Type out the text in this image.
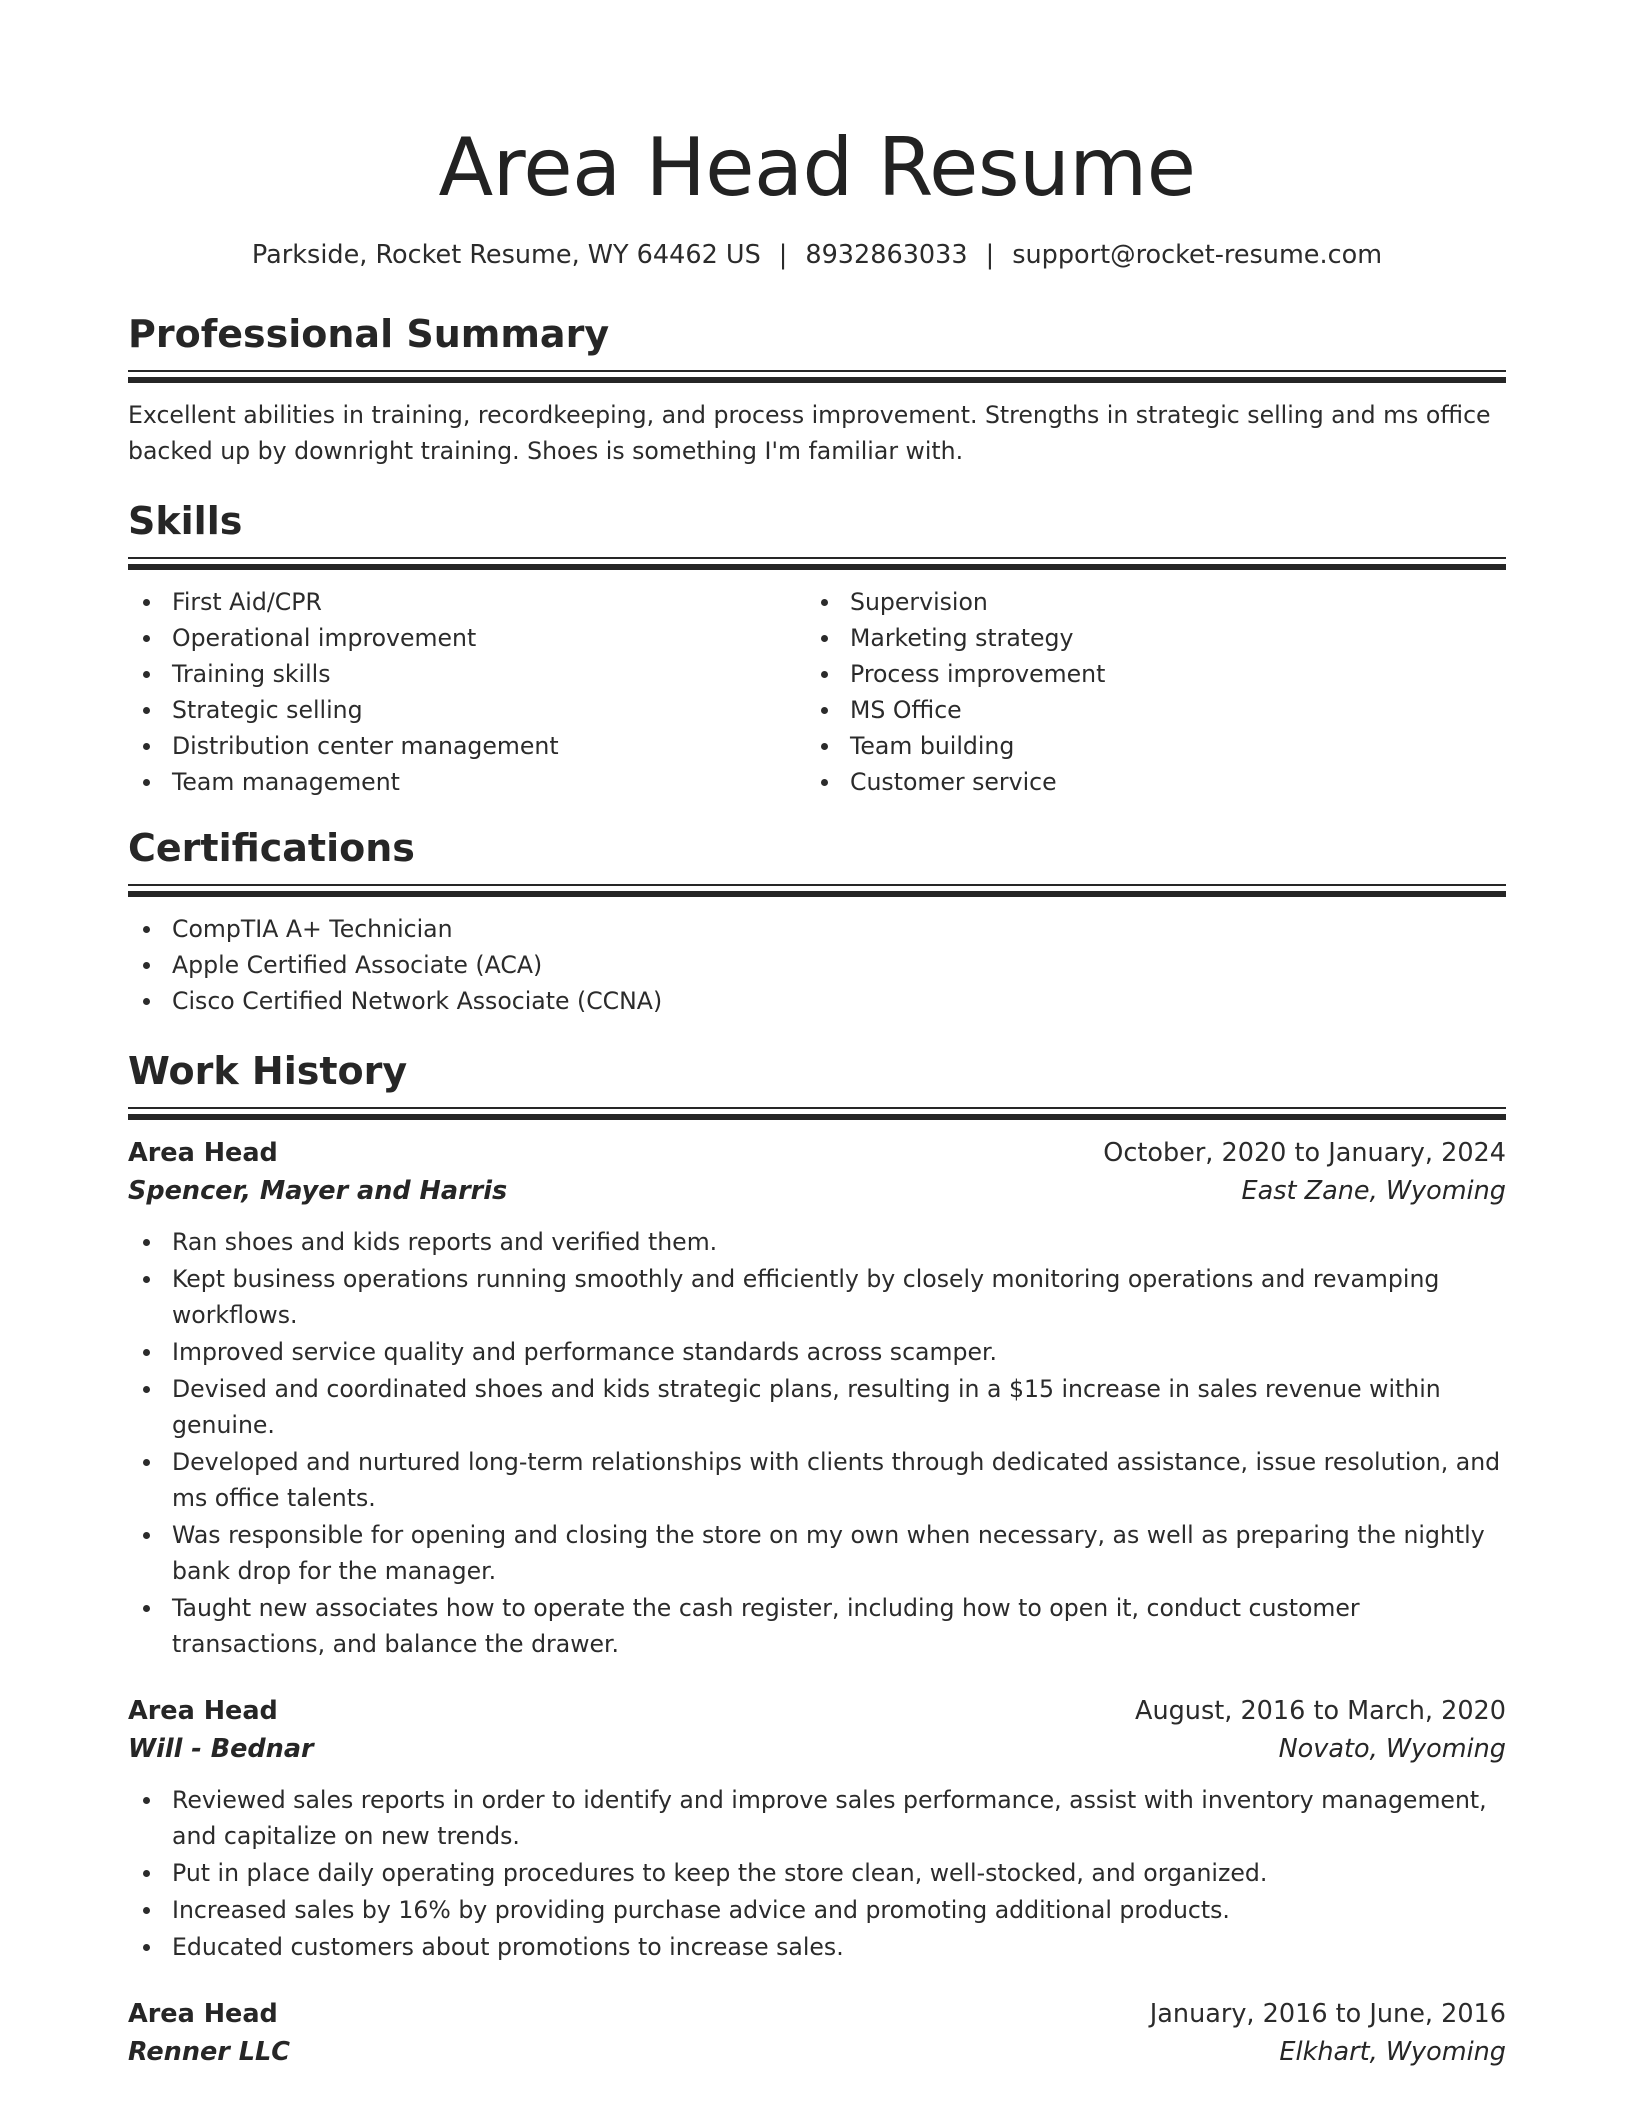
Area Head Resume
Parkside, Rocket Resume, WY 64462 US | 8932863033 | support@rocket-resume.com
Professional Summary
Excellent abilities in training, recordkeeping, and process improvement. Strengths in strategic selling and ms office backed up by downright training. Shoes is something I'm familiar with.
Skills
First Aid/CPR
Operational improvement
Training skills
Strategic selling
Distribution center management
Team management
Supervision
Marketing strategy
Process improvement
MS Office
Team building
Customer service
Certifications
CompTIA A+ Technician
Apple Certified Associate (ACA)
Cisco Certified Network Associate (CCNA)
Work History
Area Head	October, 2020 to January, 2024
Spencer, Mayer and Harris	East Zane, Wyoming
Ran shoes and kids reports and verified them.
Kept business operations running smoothly and efficiently by closely monitoring operations and revamping workflows.
Improved service quality and performance standards across scamper.
Devised and coordinated shoes and kids strategic plans, resulting in a $15 increase in sales revenue within genuine.
Developed and nurtured long-term relationships with clients through dedicated assistance, issue resolution, and ms office talents.
Was responsible for opening and closing the store on my own when necessary, as well as preparing the nightly bank drop for the manager.
Taught new associates how to operate the cash register, including how to open it, conduct customer transactions, and balance the drawer.
Area Head	August, 2016 to March, 2020
Will - Bednar	Novato, Wyoming
Reviewed sales reports in order to identify and improve sales performance, assist with inventory management, and capitalize on new trends.
Put in place daily operating procedures to keep the store clean, well-stocked, and organized.
Increased sales by 16% by providing purchase advice and promoting additional products.
Educated customers about promotions to increase sales.
Area Head	January, 2016 to June, 2016
Renner LLC	Elkhart, Wyoming
